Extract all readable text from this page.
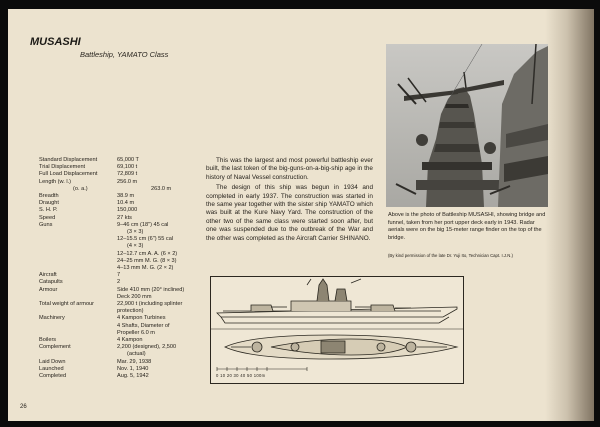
MUSASHI
Battleship, YAMATO Class
Standard Displacement	65,000 T
Trial Displacement	69,100 t
Full Load Displacement	72,809 t
Length (w. l.)	256.0 m
(o. a.)	263.0 m
Breadth	38.9 m
Draught	10.4 m
S. H. P.	150,000
Speed	27 kts
Guns	9–46 cm (18") 45 cal
(3 × 3)
12–15.5 cm (6") 55 cal
(4 × 3)
12–12.7 cm A. A. (6 × 2)
24–25 mm M. G. (8 × 3)
4–13 mm M. G. (2 × 2)
Aircraft	7
Catapults	2
Armour	Side 410 mm (20° inclined)
Deck 200 mm
Total weight of armour	22,900 t (including splinter
protection)
Machinery	4 Kampon Turbines
4 Shafts, Diameter of
Propeller 6.0 m
Boilers	4 Kampon
Complement	2,200 (designed), 2,500
(actual)
Laid Down	Mar. 29, 1938
Launched	Nov. 1, 1940
Completed	Aug. 5, 1942

This was the largest and most powerful battleship ever built, the last token of the big-guns-on-a-big-ship age in the history of Naval Vessel construction.

The design of this ship was begun in 1934 and completed in early 1937. The construction was started in the same year together with the sister ship YAMATO which was built at the Kure Navy Yard. The construction of the other two of the same class were started soon after, but one was suspended due to the outbreak of the War and the other was completed as the Aircraft Carrier SHINANO.

Above is the photo of Battleship MUSASHI, showing bridge and funnel, taken from her port upper deck early in 1943. Radar aerials were on the big 15-meter range finder on the top of the bridge.
(By kind permission of the late Dr. Yuji Ito, Technician Capt. I.J.N.)
0 10 20 30 40 50 100m
26
